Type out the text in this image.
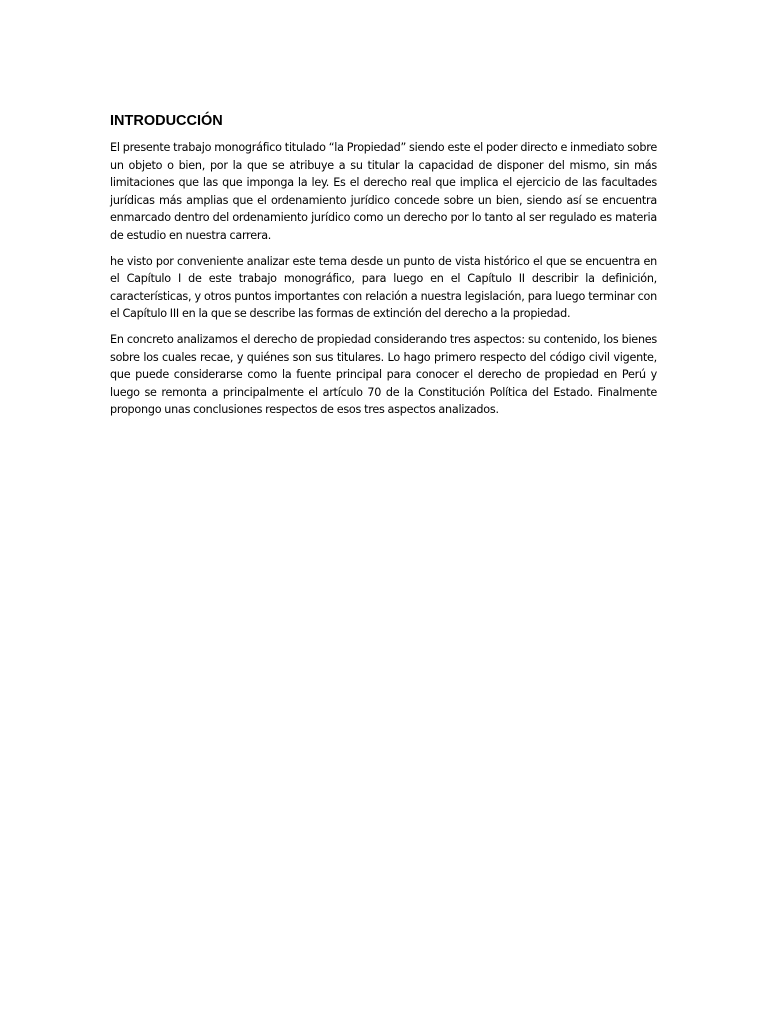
INTRODUCCIÓN

El presente trabajo monográfico titulado “la Propiedad” siendo este el poder directo e inmediato sobre un objeto o bien, por la que se atribuye a su titular la capacidad de disponer del mismo, sin más limitaciones que las que imponga la ley. Es el derecho real que implica el ejercicio de las facultades jurídicas más amplias que el ordenamiento jurídico concede sobre un bien, siendo así se encuentra enmarcado dentro del ordenamiento jurídico como un derecho por lo tanto al ser regulado es materia de estudio en nuestra carrera.

he visto por conveniente analizar este tema desde un punto de vista histórico el que se encuentra en el Capítulo I de este trabajo monográfico, para luego en el Capítulo II describir la definición, características, y otros puntos importantes con relación a nuestra legislación, para luego terminar con el Capítulo III en la que se describe las formas de extinción del derecho a la propiedad.

En concreto analizamos el derecho de propiedad considerando tres aspectos: su contenido, los bienes sobre los cuales recae, y quiénes son sus titulares. Lo hago primero respecto del código civil vigente, que puede considerarse como la fuente principal para conocer el derecho de propiedad en Perú y luego se remonta a principalmente el artículo 70 de la Constitución Política del Estado. Finalmente propongo unas conclusiones respectos de esos tres aspectos analizados.
